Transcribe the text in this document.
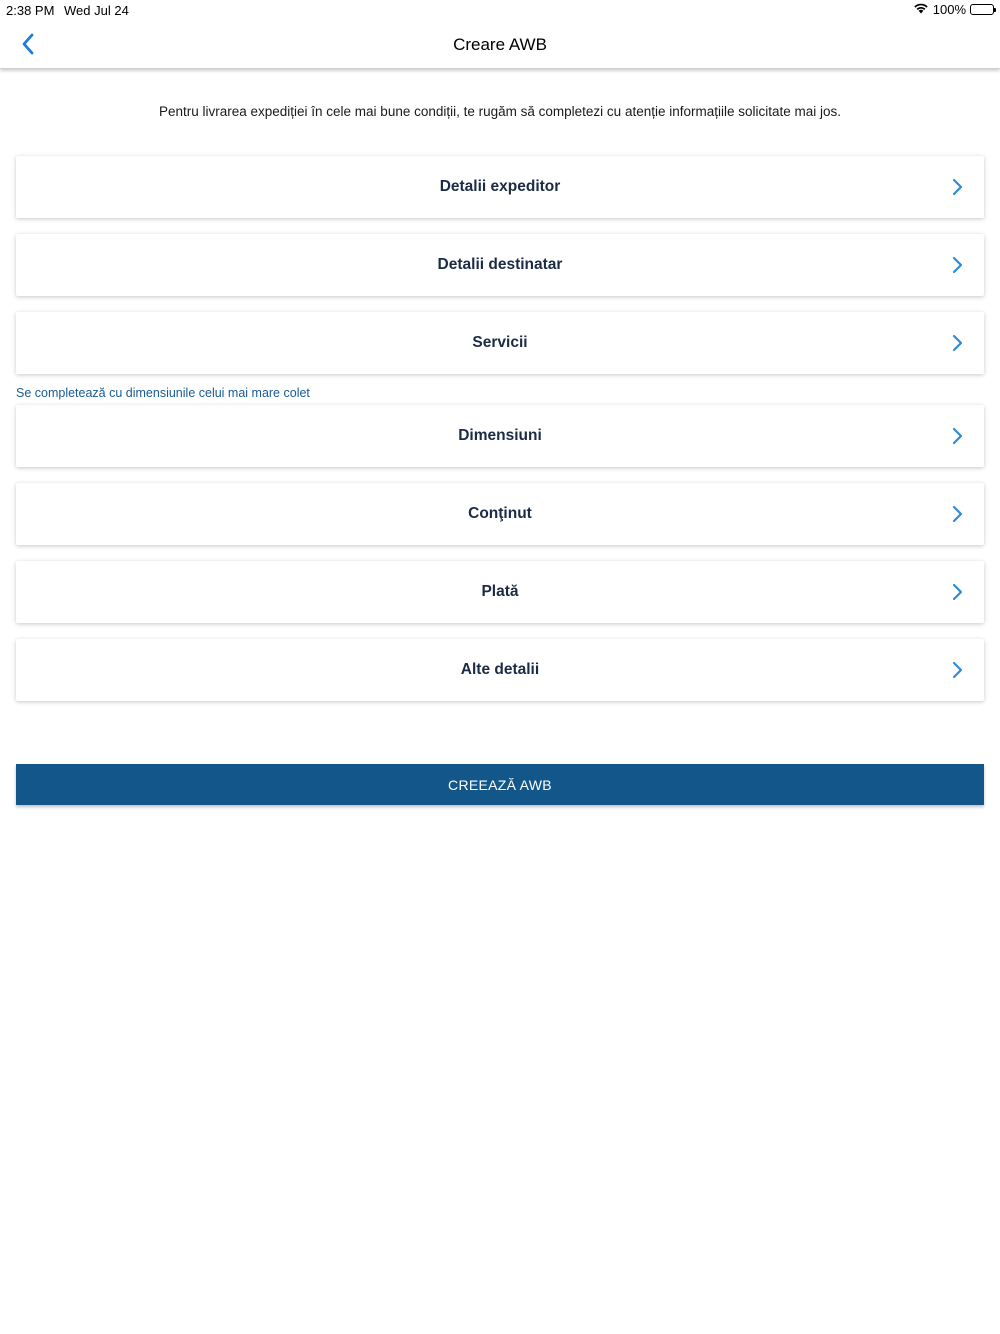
2:38 PM Wed Jul 24	100%
Creare AWB
Pentru livrarea expediției în cele mai bune condiții, te rugăm să completezi cu atenție informațiile solicitate mai jos.
Detalii expeditor
Detalii destinatar
Servicii
Se completează cu dimensiunile celui mai mare colet
Dimensiuni
Conţinut
Plată
Alte detalii
CREEAZĂ AWB
